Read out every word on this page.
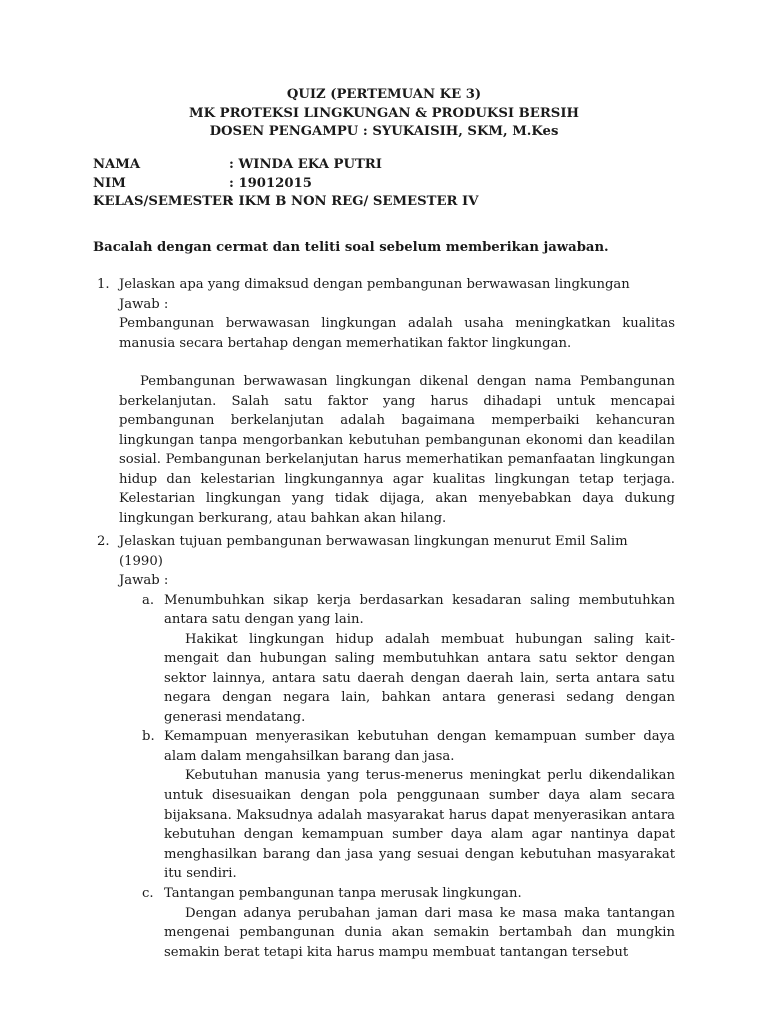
QUIZ (PERTEMUAN KE 3)
MK PROTEKSI LINGKUNGAN & PRODUKSI BERSIH
DOSEN PENGAMPU : SYUKAISIH, SKM, M.Kes
NAMA	: WINDA EKA PUTRI
NIM	: 19012015
KELAS/SEMESTER
: IKM B NON REG/ SEMESTER IV
Bacalah dengan cermat dan teliti soal sebelum memberikan jawaban.
1. Jelaskan apa yang dimaksud dengan pembangunan berwawasan lingkungan
Jawab :

Pembangunan berwawasan lingkungan adalah usaha meningkatkan kualitas manusia secara bertahap dengan memerhatikan faktor lingkungan.

Pembangunan berwawasan lingkungan dikenal dengan nama Pembangunan berkelanjutan. Salah satu faktor yang harus dihadapi untuk mencapai pembangunan berkelanjutan adalah bagaimana memperbaiki kehancuran lingkungan tanpa mengorbankan kebutuhan pembangunan ekonomi dan keadilan sosial. Pembangunan berkelanjutan harus memerhatikan pemanfaatan lingkungan hidup dan kelestarian lingkungannya agar kualitas lingkungan tetap terjaga. Kelestarian lingkungan yang tidak dijaga, akan menyebabkan daya dukung lingkungan berkurang, atau bahkan akan hilang.

2. Jelaskan tujuan pembangunan berwawasan lingkungan menurut Emil Salim (1990)
Jawab :
a. Menumbuhkan sikap kerja berdasarkan kesadaran saling membutuhkan antara satu dengan yang lain.

Hakikat lingkungan hidup adalah membuat hubungan saling kait-mengait dan hubungan saling membutuhkan antara satu sektor dengan sektor lainnya, antara satu daerah dengan daerah lain, serta antara satu negara dengan negara lain, bahkan antara generasi sedang dengan generasi mendatang.

b. Kemampuan menyerasikan kebutuhan dengan kemampuan sumber daya alam dalam mengahsilkan barang dan jasa.

Kebutuhan manusia yang terus-menerus meningkat perlu dikendalikan untuk disesuaikan dengan pola penggunaan sumber daya alam secara bijaksana. Maksudnya adalah masyarakat harus dapat menyerasikan antara kebutuhan dengan kemampuan sumber daya alam agar nantinya dapat menghasilkan barang dan jasa yang sesuai dengan kebutuhan masyarakat itu sendiri.

c. Tantangan pembangunan tanpa merusak lingkungan.

Dengan adanya perubahan jaman dari masa ke masa maka tantangan mengenai pembangunan dunia akan semakin bertambah dan mungkin semakin berat tetapi kita harus mampu membuat tantangan tersebut
